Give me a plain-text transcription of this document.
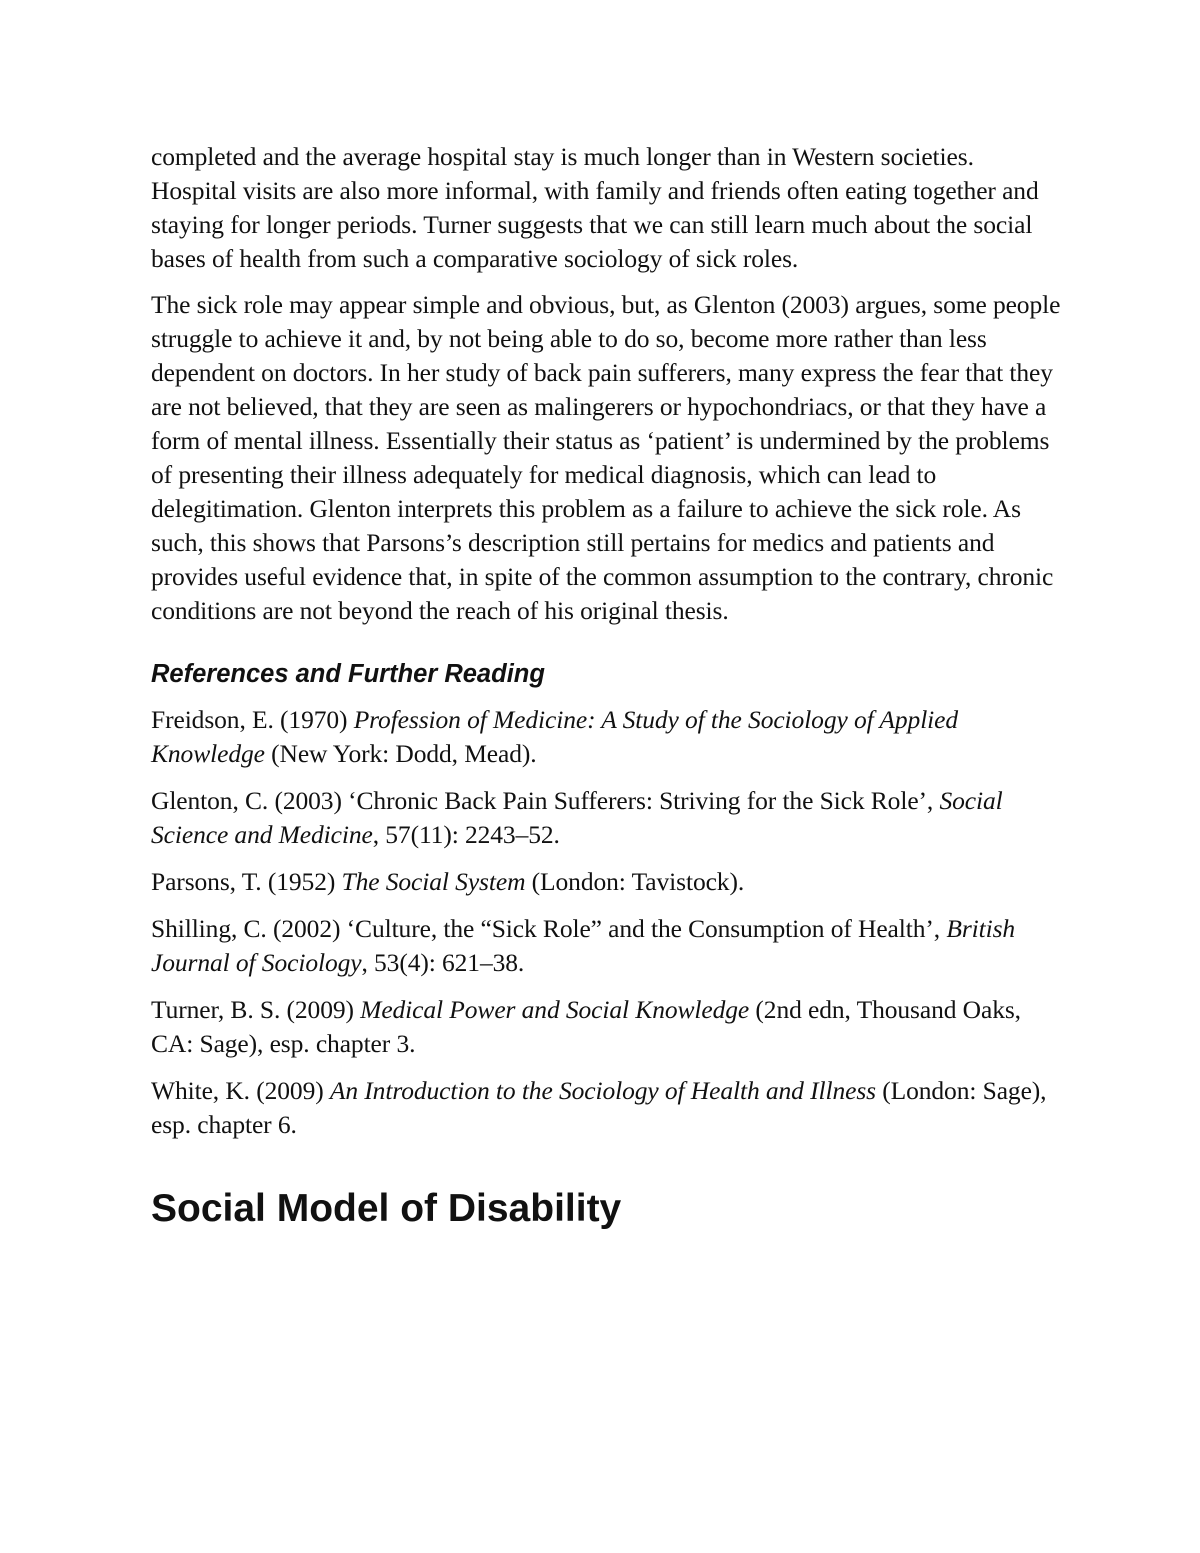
completed and the average hospital stay is much longer than in Western societies. Hospital visits are also more informal, with family and friends often eating together and staying for longer periods. Turner suggests that we can still learn much about the social bases of health from such a comparative sociology of sick roles.

The sick role may appear simple and obvious, but, as Glenton (2003) argues, some people struggle to achieve it and, by not being able to do so, become more rather than less dependent on doctors. In her study of back pain sufferers, many express the fear that they are not believed, that they are seen as malingerers or hypochondriacs, or that they have a form of mental illness. Essentially their status as ‘patient’ is undermined by the problems of presenting their illness adequately for medical diagnosis, which can lead to delegitimation. Glenton interprets this problem as a failure to achieve the sick role. As such, this shows that Parsons’s description still pertains for medics and patients and provides useful evidence that, in spite of the common assumption to the contrary, chronic conditions are not beyond the reach of his original thesis.

References and Further Reading

Freidson, E. (1970) Profession of Medicine: A Study of the Sociology of Applied Knowledge (New York: Dodd, Mead).

Glenton, C. (2003) ‘Chronic Back Pain Sufferers: Striving for the Sick Role’, Social Science and Medicine, 57(11): 2243–52.

Parsons, T. (1952) The Social System (London: Tavistock).

Shilling, C. (2002) ‘Culture, the “Sick Role” and the Consumption of Health’, British Journal of Sociology, 53(4): 621–38.

Turner, B. S. (2009) Medical Power and Social Knowledge (2nd edn, Thousand Oaks, CA: Sage), esp. chapter 3.

White, K. (2009) An Introduction to the Sociology of Health and Illness (London: Sage), esp. chapter 6.

Social Model of Disability
